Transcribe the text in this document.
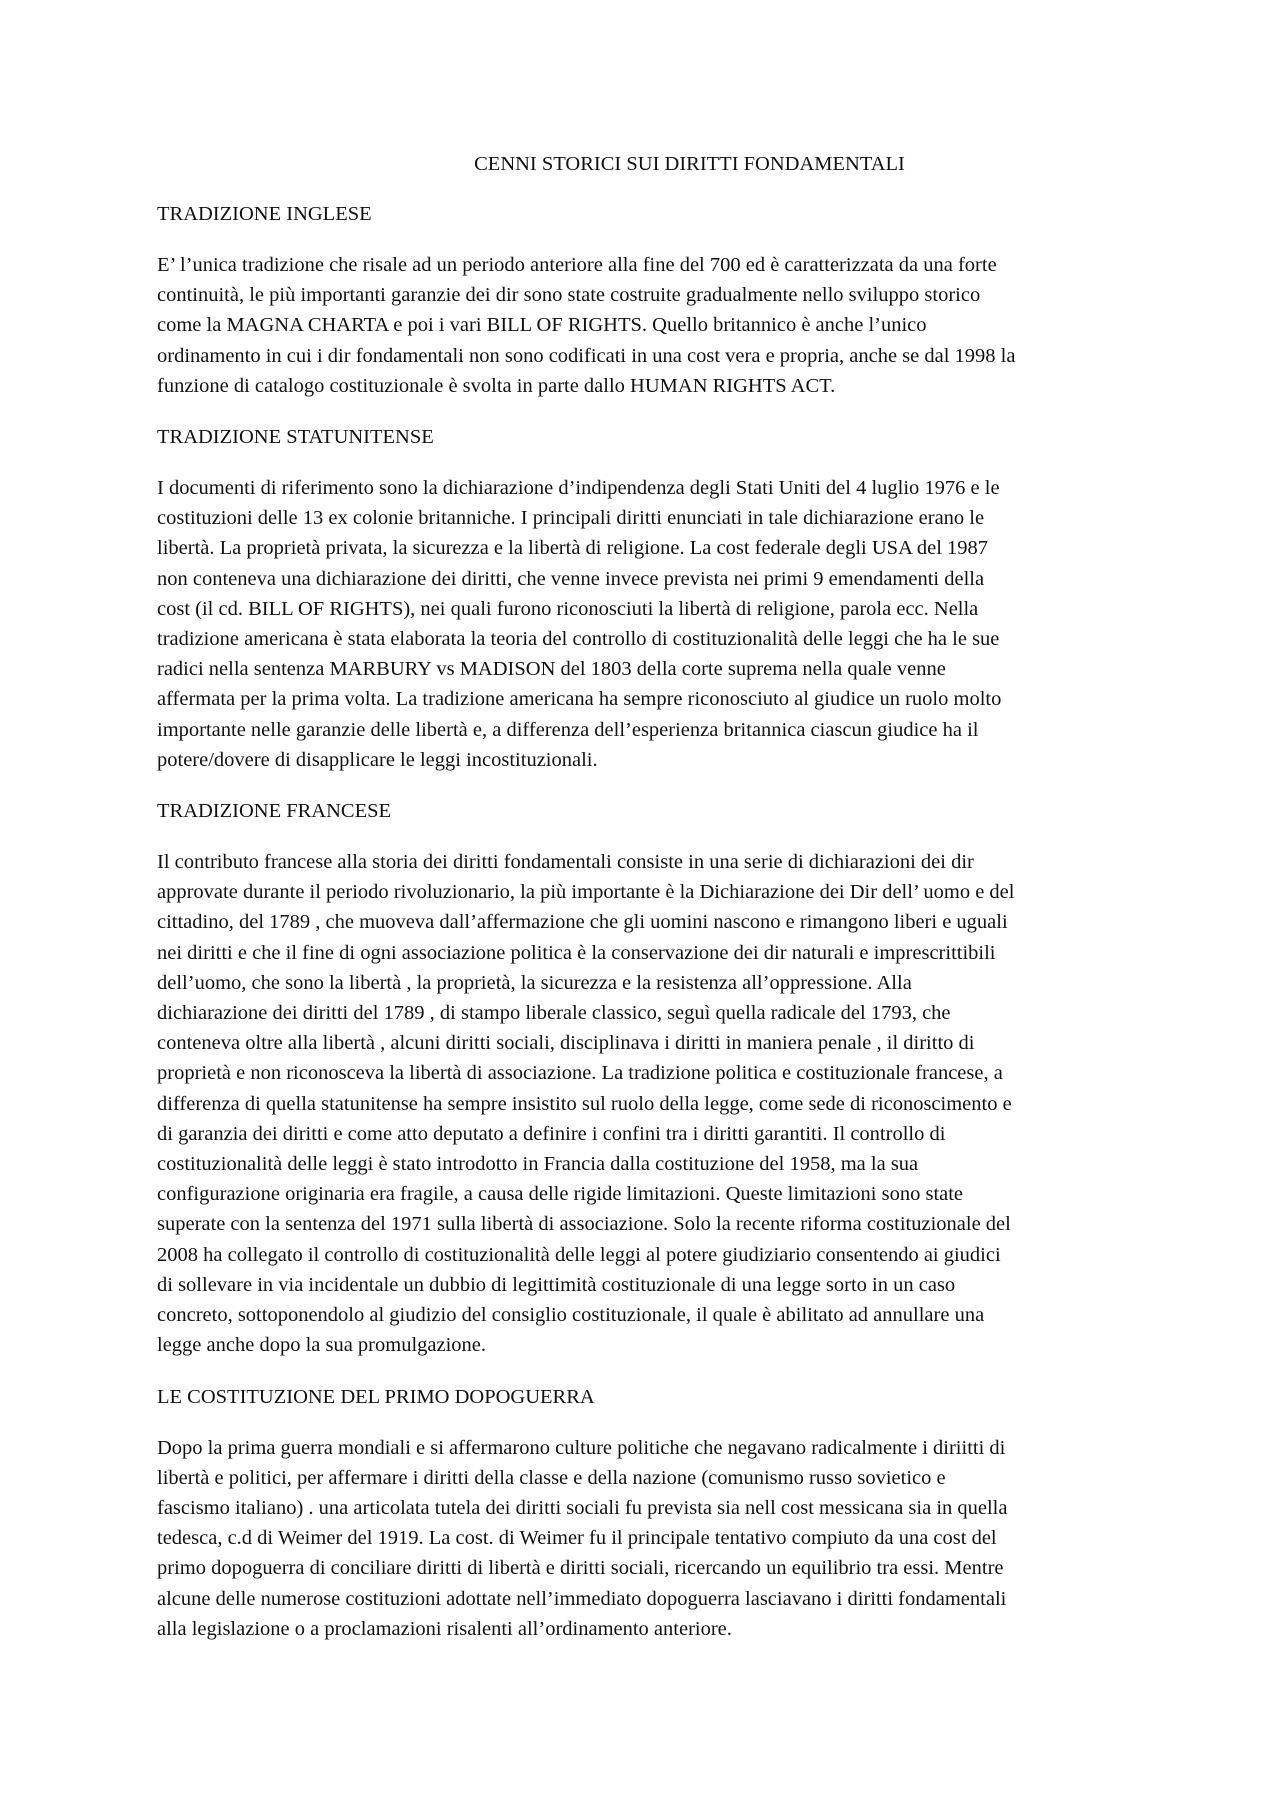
CENNI STORICI SUI DIRITTI FONDAMENTALI
TRADIZIONE INGLESE

E’ l’unica tradizione che risale ad un periodo anteriore alla fine del 700 ed è caratterizzata da una forte
continuità, le più importanti garanzie dei dir sono state costruite gradualmente nello sviluppo storico
come la MAGNA CHARTA e poi i vari BILL OF RIGHTS. Quello britannico è anche l’unico
ordinamento in cui i dir fondamentali non sono codificati in una cost vera e propria, anche se dal 1998 la
funzione di catalogo costituzionale è svolta in parte dallo HUMAN RIGHTS ACT.

TRADIZIONE STATUNITENSE

I documenti di riferimento sono la dichiarazione d’indipendenza degli Stati Uniti del 4 luglio 1976 e le
costituzioni delle 13 ex colonie britanniche. I principali diritti enunciati in tale dichiarazione erano le
libertà. La proprietà privata, la sicurezza e la libertà di religione. La cost federale degli USA del 1987
non conteneva una dichiarazione dei diritti, che venne invece prevista nei primi 9 emendamenti della
cost (il cd. BILL OF RIGHTS), nei quali furono riconosciuti la libertà di religione, parola ecc. Nella
tradizione americana è stata elaborata la teoria del controllo di costituzionalità delle leggi che ha le sue
radici nella sentenza MARBURY vs MADISON del 1803 della corte suprema nella quale venne
affermata per la prima volta. La tradizione americana ha sempre riconosciuto al giudice un ruolo molto
importante nelle garanzie delle libertà e, a differenza dell’esperienza britannica ciascun giudice ha il
potere/dovere di disapplicare le leggi incostituzionali.

TRADIZIONE FRANCESE

Il contributo francese alla storia dei diritti fondamentali consiste in una serie di dichiarazioni dei dir
approvate durante il periodo rivoluzionario, la più importante è la Dichiarazione dei Dir dell’ uomo e del
cittadino, del 1789 , che muoveva dall’affermazione che gli uomini nascono e rimangono liberi e uguali
nei diritti e che il fine di ogni associazione politica è la conservazione dei dir naturali e imprescrittibili
dell’uomo, che sono la libertà , la proprietà, la sicurezza e la resistenza all’oppressione. Alla
dichiarazione dei diritti del 1789 , di stampo liberale classico, seguì quella radicale del 1793, che
conteneva oltre alla libertà , alcuni diritti sociali, disciplinava i diritti in maniera penale , il diritto di
proprietà e non riconosceva la libertà di associazione. La tradizione politica e costituzionale francese, a
differenza di quella statunitense ha sempre insistito sul ruolo della legge, come sede di riconoscimento e
di garanzia dei diritti e come atto deputato a definire i confini tra i diritti garantiti. Il controllo di
costituzionalità delle leggi è stato introdotto in Francia dalla costituzione del 1958, ma la sua
configurazione originaria era fragile, a causa delle rigide limitazioni. Queste limitazioni sono state
superate con la sentenza del 1971 sulla libertà di associazione. Solo la recente riforma costituzionale del
2008 ha collegato il controllo di costituzionalità delle leggi al potere giudiziario consentendo ai giudici
di sollevare in via incidentale un dubbio di legittimità costituzionale di una legge sorto in un caso
concreto, sottoponendolo al giudizio del consiglio costituzionale, il quale è abilitato ad annullare una
legge anche dopo la sua promulgazione.

LE COSTITUZIONE DEL PRIMO DOPOGUERRA

Dopo la prima guerra mondiali e si affermarono culture politiche che negavano radicalmente i diriitti di
libertà e politici, per affermare i diritti della classe e della nazione (comunismo russo sovietico e
fascismo italiano) . una articolata tutela dei diritti sociali fu prevista sia nell cost messicana sia in quella
tedesca, c.d di Weimer del 1919. La cost. di Weimer fu il principale tentativo compiuto da una cost del
primo dopoguerra di conciliare diritti di libertà e diritti sociali, ricercando un equilibrio tra essi. Mentre
alcune delle numerose costituzioni adottate nell’immediato dopoguerra lasciavano i diritti fondamentali
alla legislazione o a proclamazioni risalenti all’ordinamento anteriore.
